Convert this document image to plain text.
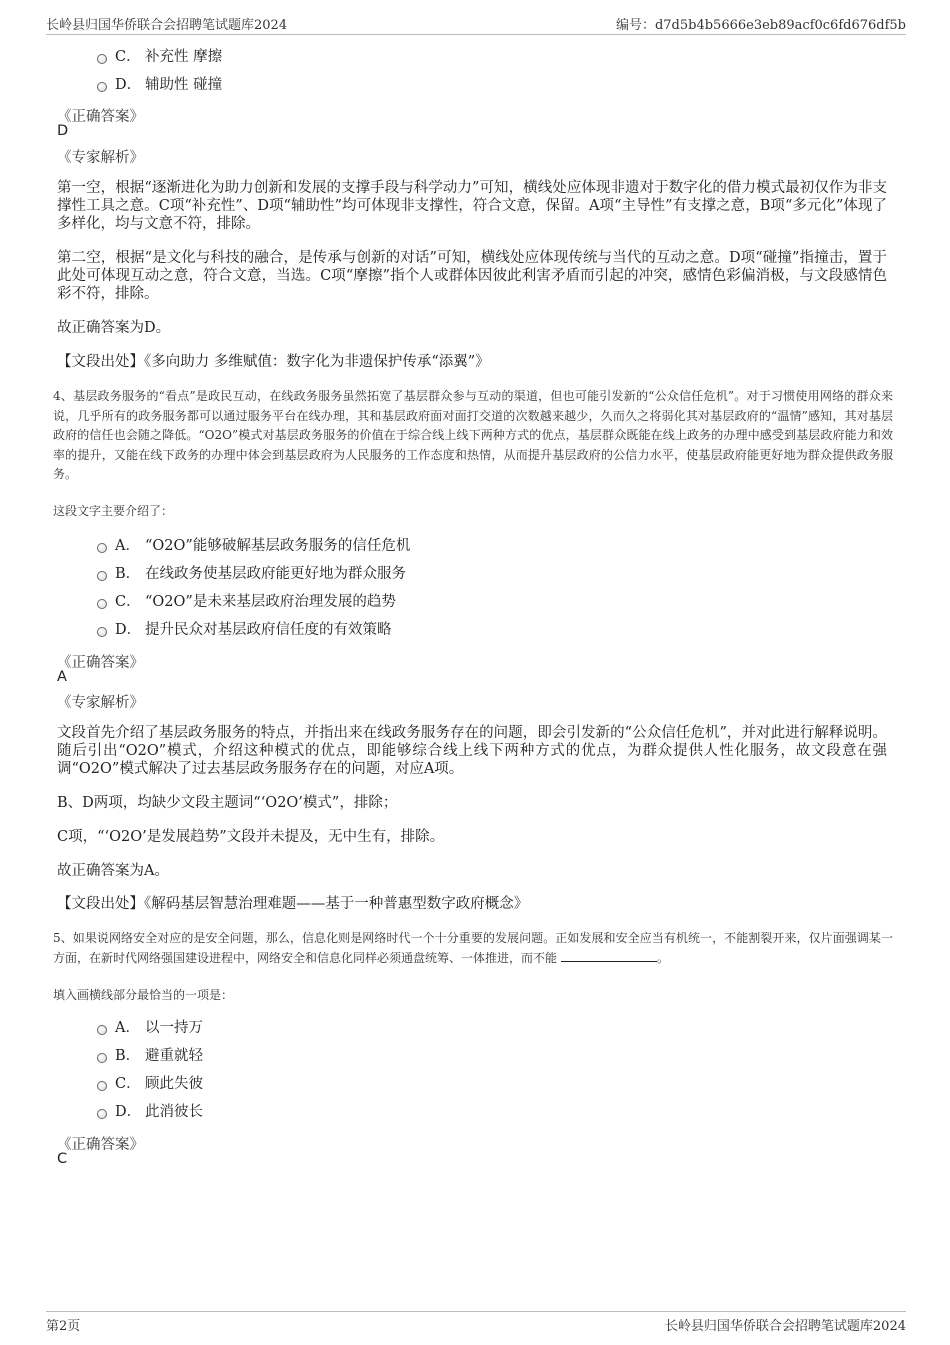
长岭县归国华侨联合会招聘笔试题库2024	编号：d7d5b4b5666e3eb89acf0c6fd676df5b
C． 补充性 摩擦
D． 辅助性 碰撞
《正确答案》
D
《专家解析》
第一空，根据“逐渐进化为助力创新和发展的支撑手段与科学动力”可知，横线处应体现非遗对于数字化的借力模式最初仅作为非支撑性工具之意。C项“补充性”、D项“辅助性”均可体现非支撑性，符合文意，保留。A项“主导性”有支撑之意，B项“多元化”体现了多样化，均与文意不符，排除。
第二空，根据“是文化与科技的融合，是传承与创新的对话”可知，横线处应体现传统与当代的互动之意。D项“碰撞”指撞击，置于此处可体现互动之意，符合文意，当选。C项“摩擦”指个人或群体因彼此利害矛盾而引起的冲突，感情色彩偏消极，与文段感情色彩不符，排除。
故正确答案为D。
【文段出处】《多向助力 多维赋值：数字化为非遗保护传承“添翼”》
4、基层政务服务的“看点”是政民互动，在线政务服务虽然拓宽了基层群众参与互动的渠道，但也可能引发新的“公众信任危机”。对于习惯使用网络的群众来说，几乎所有的政务服务都可以通过服务平台在线办理，其和基层政府面对面打交道的次数越来越少，久而久之将弱化其对基层政府的“温情”感知，其对基层政府的信任也会随之降低。“O2O”模式对基层政务服务的价值在于综合线上线下两种方式的优点，基层群众既能在线上政务的办理中感受到基层政府能力和效率的提升，又能在线下政务的办理中体会到基层政府为人民服务的工作态度和热情，从而提升基层政府的公信力水平，使基层政府能更好地为群众提供政务服务。
这段文字主要介绍了：
A． “O2O”能够破解基层政务服务的信任危机
B． 在线政务使基层政府能更好地为群众服务
C． “O2O”是未来基层政府治理发展的趋势
D． 提升民众对基层政府信任度的有效策略
《正确答案》
A
《专家解析》
文段首先介绍了基层政务服务的特点，并指出来在线政务服务存在的问题，即会引发新的“公众信任危机”，并对此进行解释说明。随后引出“O2O”模式，介绍这种模式的优点，即能够综合线上线下两种方式的优点，为群众提供人性化服务，故文段意在强调“O2O”模式解决了过去基层政务服务存在的问题，对应A项。
B、D两项，均缺少文段主题词“‘O2O’模式”，排除；
C项，“‘O2O’是发展趋势”文段并未提及，无中生有，排除。
故正确答案为A。
【文段出处】《解码基层智慧治理难题——基于一种普惠型数字政府概念》
5、如果说网络安全对应的是安全问题，那么，信息化则是网络时代一个十分重要的发展问题。正如发展和安全应当有机统一，不能割裂开来，仅片面强调某一方面，在新时代网络强国建设进程中，网络安全和信息化同样必须通盘统筹、一体推进，而不能	。
填入画横线部分最恰当的一项是：
A． 以一持万
B． 避重就轻
C． 顾此失彼
D． 此消彼长
《正确答案》
C
第2页	长岭县归国华侨联合会招聘笔试题库2024
